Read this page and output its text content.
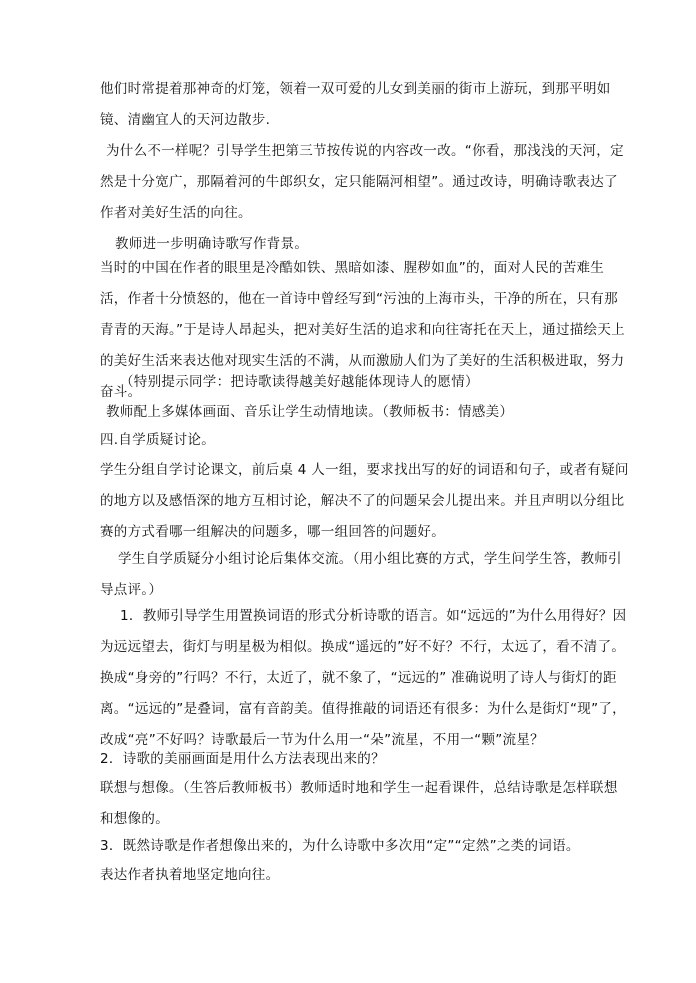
他们时常提着那神奇的灯笼，领着一双可爱的儿女到美丽的街市上游玩，到那平明如镜、清幽宜人的天河边散步.

为什么不一样呢？引导学生把第三节按传说的内容改一改。“你看，那浅浅的天河，定然是十分宽广，那隔着河的牛郎织女，定只能隔河相望”。通过改诗，明确诗歌表达了作者对美好生活的向往。

教师进一步明确诗歌写作背景。

当时的中国在作者的眼里是冷酷如铁、黑暗如漆、腥秽如血”的，面对人民的苦难生活，作者十分愤怒的，他在一首诗中曾经写到“污浊的上海市头，干净的所在，只有那青青的天海。”于是诗人昂起头，把对美好生活的追求和向往寄托在天上，通过描绘天上的美好生活来表达他对现实生活的不满，从而激励人们为了美好的生活积极进取，努力奋斗。

（特别提示同学：把诗歌读得越美好越能体现诗人的愿情）

教师配上多媒体画面、音乐让学生动情地读。（教师板书：情感美）

四.自学质疑讨论。

学生分组自学讨论课文，前后桌 4 人一组，要求找出写的好的词语和句子，或者有疑问的地方以及感悟深的地方互相讨论，解决不了的问题呆会儿提出来。并且声明以分组比赛的方式看哪一组解决的问题多，哪一组回答的问题好。

学生自学质疑分小组讨论后集体交流。（用小组比赛的方式，学生问学生答，教师引导点评。）

1．教师引导学生用置换词语的形式分析诗歌的语言。如“远远的”为什么用得好？因为远远望去，街灯与明星极为相似。换成“遥远的”好不好？不行，太远了，看不清了。换成“身旁的”行吗？不行，太近了，就不象了，“远远的” 准确说明了诗人与街灯的距离。“远远的”是叠词，富有音韵美。值得推敲的词语还有很多：为什么是街灯“现”了，改成“亮”不好吗？诗歌最后一节为什么用一“朵”流星，不用一“颗”流星？

2．诗歌的美丽画面是用什么方法表现出来的？

联想与想像。（生答后教师板书）教师适时地和学生一起看课件，总结诗歌是怎样联想和想像的。

3．既然诗歌是作者想像出来的，为什么诗歌中多次用“定”“定然”之类的词语。

表达作者执着地坚定地向往。
